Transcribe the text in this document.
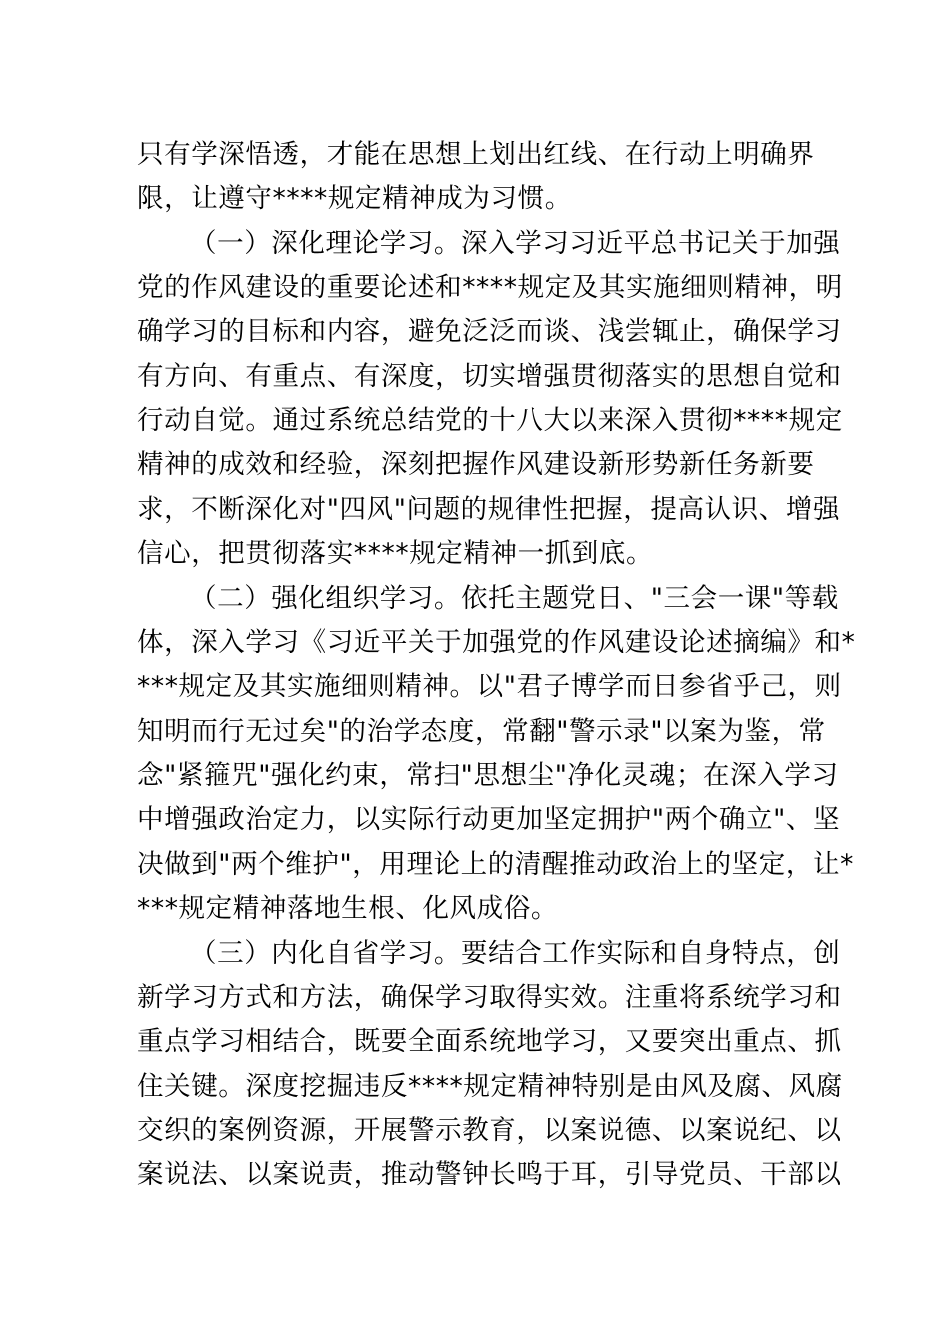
只有学深悟透，才能在思想上划出红线、在行动上明确界
限，让遵守****规定精神成为习惯。
（一）深化理论学习。深入学习习近平总书记关于加强
党的作风建设的重要论述和****规定及其实施细则精神，明
确学习的目标和内容，避免泛泛而谈、浅尝辄止，确保学习
有方向、有重点、有深度，切实增强贯彻落实的思想自觉和
行动自觉。通过系统总结党的十八大以来深入贯彻****规定
精神的成效和经验，深刻把握作风建设新形势新任务新要
求，不断深化对"四风"问题的规律性把握，提高认识、增强
信心，把贯彻落实****规定精神一抓到底。
（二）强化组织学习。依托主题党日、"三会一课"等载
体，深入学习《习近平关于加强党的作风建设论述摘编》和*
***规定及其实施细则精神。以"君子博学而日参省乎己，则
知明而行无过矣"的治学态度，常翻"警示录"以案为鉴，常
念"紧箍咒"强化约束，常扫"思想尘"净化灵魂；在深入学习
中增强政治定力，以实际行动更加坚定拥护"两个确立"、坚
决做到"两个维护"，用理论上的清醒推动政治上的坚定，让*
***规定精神落地生根、化风成俗。
（三）内化自省学习。要结合工作实际和自身特点，创
新学习方式和方法，确保学习取得实效。注重将系统学习和
重点学习相结合，既要全面系统地学习，又要突出重点、抓
住关键。深度挖掘违反****规定精神特别是由风及腐、风腐
交织的案例资源，开展警示教育，以案说德、以案说纪、以
案说法、以案说责，推动警钟长鸣于耳，引导党员、干部以
